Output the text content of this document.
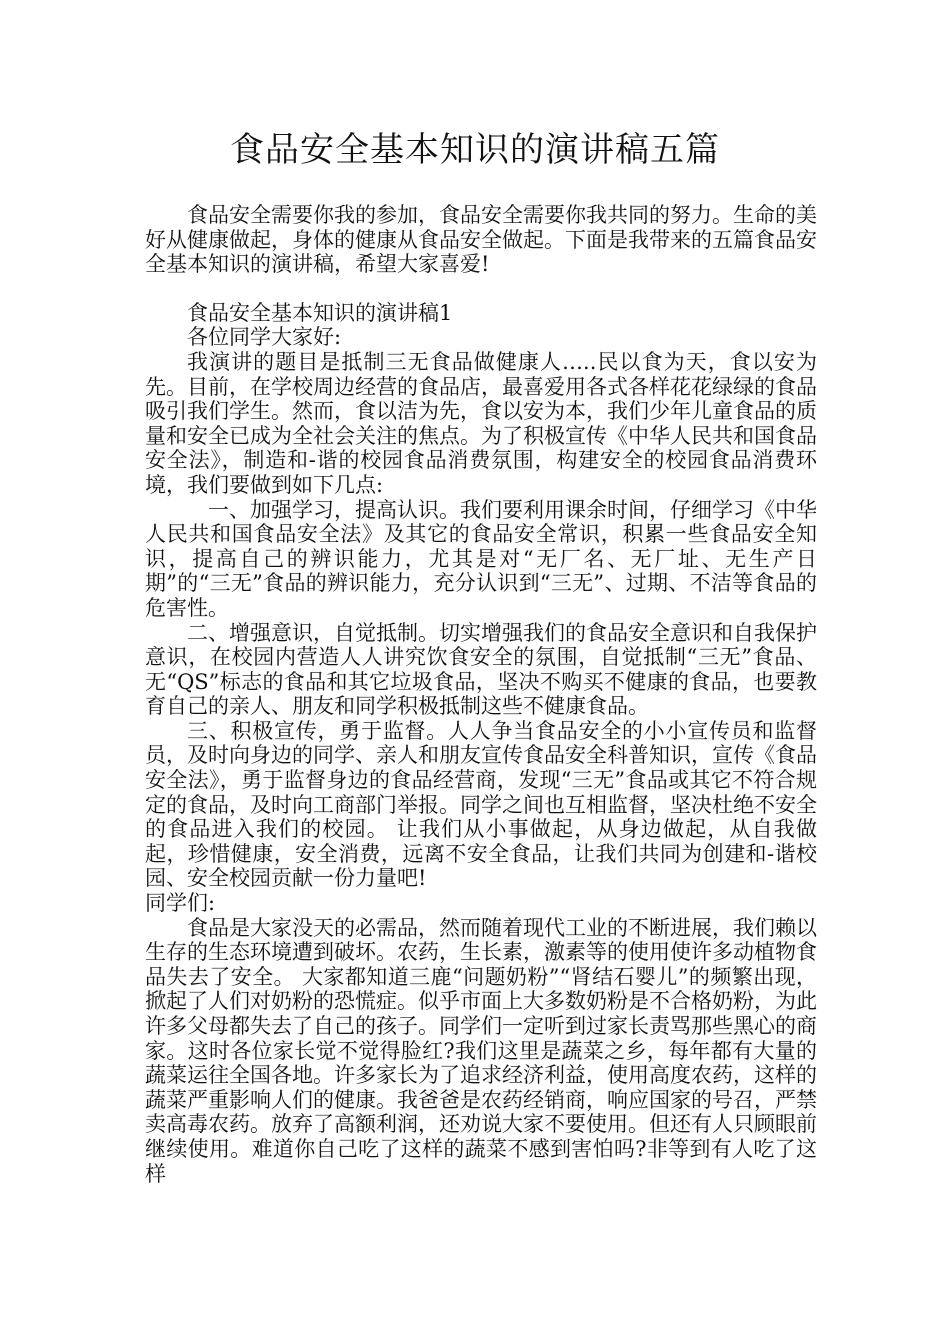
食品安全基本知识的演讲稿五篇

食品安全需要你我的参加，食品安全需要你我共同的努力。生命的美好从健康做起，身体的健康从食品安全做起。下面是我带来的五篇食品安全基本知识的演讲稿，希望大家喜爱!

食品安全基本知识的演讲稿1

各位同学大家好:

我演讲的题目是抵制三无食品做健康人…..民以食为天，食以安为先。目前，在学校周边经营的食品店，最喜爱用各式各样花花绿绿的食品吸引我们学生。然而，食以洁为先，食以安为本，我们少年儿童食品的质量和安全已成为全社会关注的焦点。为了积极宣传《中华人民共和国食品安全法》，制造和-谐的校园食品消费氛围，构建安全的校园食品消费环境，我们要做到如下几点:

一、加强学习，提高认识。我们要利用课余时间，仔细学习《中华人民共和国食品安全法》及其它的食品安全常识，积累一些食品安全知识，提高自己的辨识能力，尤其是对“无厂名、无厂址、无生产日期”的“三无”食品的辨识能力，充分认识到“三无”、过期、不洁等食品的危害性。

二、增强意识，自觉抵制。切实增强我们的食品安全意识和自我保护意识，在校园内营造人人讲究饮食安全的氛围，自觉抵制“三无”食品、无“QS”标志的食品和其它垃圾食品，坚决不购买不健康的食品，也要教育自己的亲人、朋友和同学积极抵制这些不健康食品。

三、积极宣传，勇于监督。人人争当食品安全的小小宣传员和监督员，及时向身边的同学、亲人和朋友宣传食品安全科普知识，宣传《食品安全法》，勇于监督身边的食品经营商，发现“三无”食品或其它不符合规定的食品，及时向工商部门举报。同学之间也互相监督，坚决杜绝不安全的食品进入我们的校园。 让我们从小事做起，从身边做起，从自我做起，珍惜健康，安全消费，远离不安全食品，让我们共同为创建和-谐校园、安全校园贡献一份力量吧!

同学们:

食品是大家没天的必需品，然而随着现代工业的不断进展，我们赖以生存的生态环境遭到破坏。农药，生长素，激素等的使用使许多动植物食品失去了安全。 大家都知道三鹿“问题奶粉”“肾结石婴儿”的频繁出现，掀起了人们对奶粉的恐慌症。似乎市面上大多数奶粉是不合格奶粉，为此许多父母都失去了自己的孩子。同学们一定听到过家长责骂那些黑心的商家。这时各位家长觉不觉得脸红?我们这里是蔬菜之乡，每年都有大量的蔬菜运往全国各地。许多家长为了追求经济利益，使用高度农药，这样的蔬菜严重影响人们的健康。我爸爸是农药经销商，响应国家的号召，严禁卖高毒农药。放弃了高额利润，还劝说大家不要使用。但还有人只顾眼前继续使用。难道你自己吃了这样的蔬菜不感到害怕吗?非等到有人吃了这样
